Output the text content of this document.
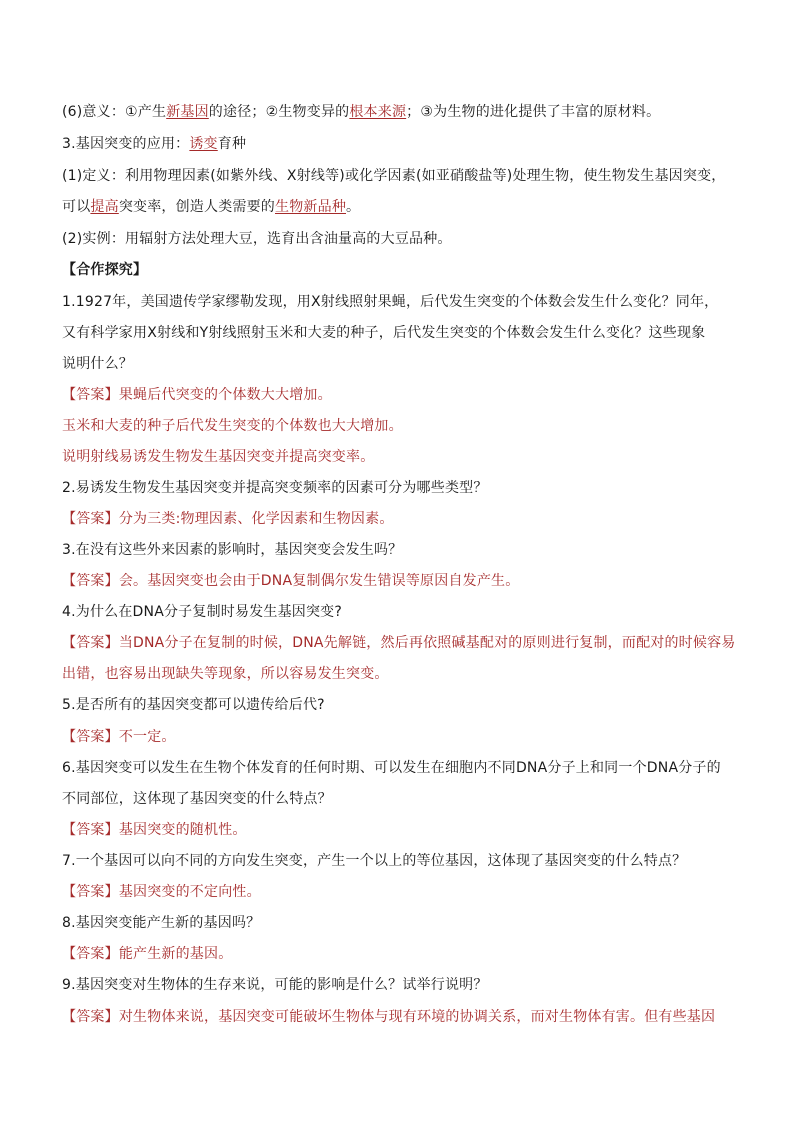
(6)意义：①产生新基因的途径；②生物变异的根本来源；③为生物的进化提供了丰富的原材料。
3.基因突变的应用：诱变育种
(1)定义：利用物理因素(如紫外线、X射线等)或化学因素(如亚硝酸盐等)处理生物，使生物发生基因突变，
可以提高突变率，创造人类需要的生物新品种。
(2)实例：用辐射方法处理大豆，选育出含油量高的大豆品种。
【合作探究】
1.1927年，美国遗传学家缪勒发现，用X射线照射果蝇，后代发生突变的个体数会发生什么变化？同年，
又有科学家用X射线和Y射线照射玉米和大麦的种子，后代发生突变的个体数会发生什么变化？这些现象
说明什么？
【答案】果蝇后代突变的个体数大大增加。
玉米和大麦的种子后代发生突变的个体数也大大增加。
说明射线易诱发生物发生基因突变并提高突变率。
2.易诱发生物发生基因突变并提高突变频率的因素可分为哪些类型？
【答案】分为三类:物理因素、化学因素和生物因素。
3.在没有这些外来因素的影响时，基因突变会发生吗？
【答案】会。基因突变也会由于DNA复制偶尔发生错误等原因自发产生。
4.为什么在DNA分子复制时易发生基因突变?
【答案】当DNA分子在复制的时候，DNA先解链，然后再依照碱基配对的原则进行复制，而配对的时候容易
出错，也容易出现缺失等现象，所以容易发生突变。
5.是否所有的基因突变都可以遗传给后代?
【答案】不一定。
6.基因突变可以发生在生物个体发育的任何时期、可以发生在细胞内不同DNA分子上和同一个DNA分子的
不同部位，这体现了基因突变的什么特点？
【答案】基因突变的随机性。
7.一个基因可以向不同的方向发生突变，产生一个以上的等位基因，这体现了基因突变的什么特点？
【答案】基因突变的不定向性。
8.基因突变能产生新的基因吗？
【答案】能产生新的基因。
9.基因突变对生物体的生存来说，可能的影响是什么？试举行说明？
【答案】对生物体来说，基因突变可能破坏生物体与现有环境的协调关系，而对生物体有害。但有些基因
